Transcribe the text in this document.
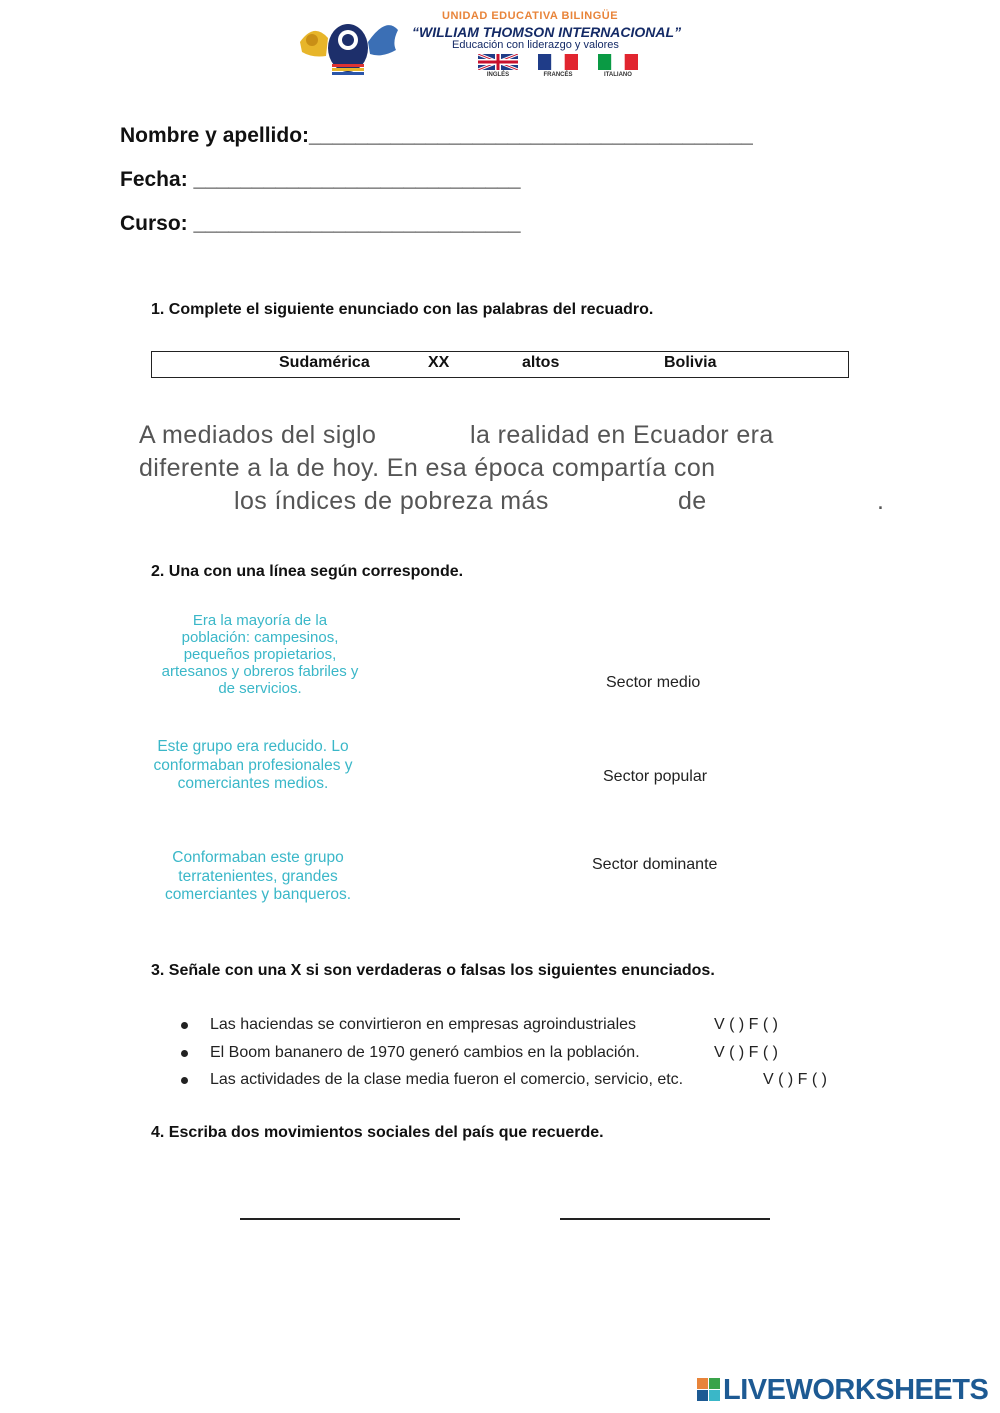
UNIDAD EDUCATIVA BILINGÜE
“WILLIAM THOMSON INTERNACIONAL”
Educación con liderazgo y valores
INGLÉS	FRANCÉS	ITALIANO
Nombre y apellido:______________________________________
Fecha: ____________________________
Curso: ____________________________
1. Complete el siguiente enunciado con las palabras del recuadro.
Sudamérica	XX	altos	Bolivia
A mediados del siglo	la realidad en Ecuador era
diferente a la de hoy. En esa época compartía con
los índices de pobreza más	de	.
2. Una con una línea según corresponde.
Era la mayoría de la población: campesinos, pequeños propietarios, artesanos y obreros fabriles y de servicios.
Este grupo era reducido. Lo conformaban profesionales y comerciantes medios.
Conformaban este grupo terratenientes, grandes comerciantes y banqueros.
Sector medio
Sector popular
Sector dominante
3. Señale con una X si son verdaderas o falsas los siguientes enunciados.
Las haciendas se convirtieron en empresas agroindustriales	V ( ) F ( )
El Boom bananero de 1970 generó cambios en la población.	V ( ) F ( )
Las actividades de la clase media fueron el comercio, servicio, etc.	V ( ) F ( )
4. Escriba dos movimientos sociales del país que recuerde.
LIVEWORKSHEETS
